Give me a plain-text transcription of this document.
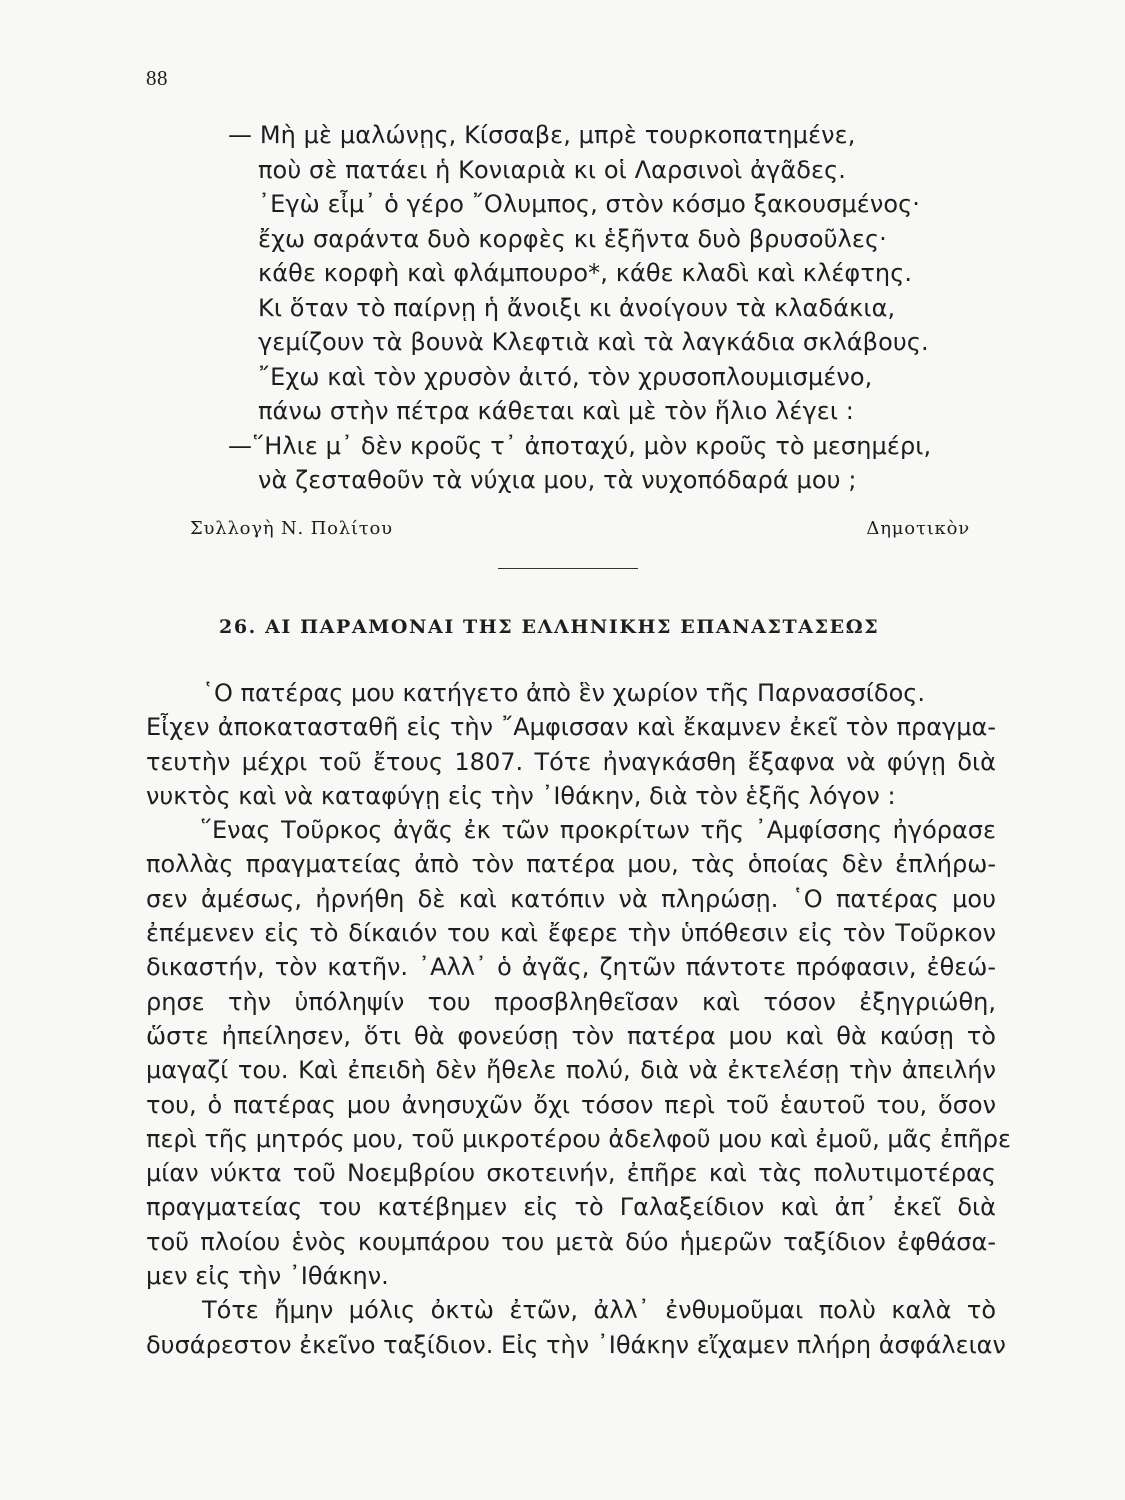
88
— Μὴ μὲ μαλώνῃς, Κίσσαβε, μπρὲ τουρκοπατημένε,
ποὺ σὲ πατάει ἡ Κονιαριὰ κι οἱ Λαρσινοὶ ἀγᾶδες.
᾿Εγὼ εἶμ᾿ ὁ γέρο ῎Ολυμπος, στὸν κόσμο ξακουσμένος·
ἔχω σαράντα δυὸ κορφὲς κι ἑξῆντα δυὸ βρυσοῦλες·
κάθε κορφὴ καὶ φλάμπουρο*, κάθε κλαδὶ καὶ κλέφτης.
Κι ὅταν τὸ παίρνῃ ἡ ἄνοιξι κι ἀνοίγουν τὰ κλαδάκια,
γεμίζουν τὰ βουνὰ Κλεφτιὰ καὶ τὰ λαγκάδια σκλάβους.
῎Εχω καὶ τὸν χρυσὸν ἀιτό, τὸν χρυσοπλουμισμένο,
πάνω στὴν πέτρα κάθεται καὶ μὲ τὸν ἥλιο λέγει :
—῞Ηλιε μ᾿ δὲν κροῦς τ᾿ ἀποταχύ, μὸν κροῦς τὸ μεσημέρι,
νὰ ζεσταθοῦν τὰ νύχια μου, τὰ νυχοπόδαρά μου ;
Συλλογὴ Ν. Πολίτου	Δημοτικὸν
26. ΑΙ ΠΑΡΑΜΟΝΑΙ ΤΗΣ ΕΛΛΗΝΙΚΗΣ ΕΠΑΝΑΣΤΑΣΕΩΣ
῾Ο πατέρας μου κατήγετο ἀπὸ ἓν χωρίον τῆς Παρνασσίδος.
Εἶχεν ἀποκατασταθῆ εἰς τὴν ῎Αμφισσαν καὶ ἔκαμνεν ἐκεῖ τὸν πραγμα-
τευτὴν μέχρι τοῦ ἔτους 1807. Τότε ἠναγκάσθη ἔξαφνα νὰ φύγῃ διὰ
νυκτὸς καὶ νὰ καταφύγῃ εἰς τὴν ᾿Ιθάκην, διὰ τὸν ἑξῆς λόγον :
῞Ενας Τοῦρκος ἀγᾶς ἐκ τῶν προκρίτων τῆς ᾿Αμφίσσης ἠγόρασε
πολλὰς πραγματείας ἀπὸ τὸν πατέρα μου, τὰς ὁποίας δὲν ἐπλήρω-
σεν ἀμέσως, ἠρνήθη δὲ καὶ κατόπιν νὰ πληρώσῃ. ῾Ο πατέρας μου
ἐπέμενεν εἰς τὸ δίκαιόν του καὶ ἔφερε τὴν ὑπόθεσιν εἰς τὸν Τοῦρκον
δικαστήν, τὸν κατῆν. ᾿Αλλ᾿ ὁ ἀγᾶς, ζητῶν πάντοτε πρόφασιν, ἐθεώ-
ρησε τὴν ὑπόληψίν του προσβληθεῖσαν καὶ τόσον ἐξηγριώθη,
ὥστε ἠπείλησεν, ὅτι θὰ φονεύσῃ τὸν πατέρα μου καὶ θὰ καύσῃ τὸ
μαγαζί του. Καὶ ἐπειδὴ δὲν ἤθελε πολύ, διὰ νὰ ἐκτελέσῃ τὴν ἀπειλήν
του, ὁ πατέρας μου ἀνησυχῶν ὄχι τόσον περὶ τοῦ ἑαυτοῦ του, ὅσον
περὶ τῆς μητρός μου, τοῦ μικροτέρου ἀδελφοῦ μου καὶ ἐμοῦ, μᾶς ἐπῆρε
μίαν νύκτα τοῦ Νοεμβρίου σκοτεινήν, ἐπῆρε καὶ τὰς πολυτιμοτέρας
πραγματείας του κατέβημεν εἰς τὸ Γαλαξείδιον καὶ ἀπ᾿ ἐκεῖ διὰ
τοῦ πλοίου ἑνὸς κουμπάρου του μετὰ δύο ἡμερῶν ταξίδιον ἐφθάσα-
μεν εἰς τὴν ᾿Ιθάκην.
Τότε ἤμην μόλις ὀκτὼ ἐτῶν, ἀλλ᾿ ἐνθυμοῦμαι πολὺ καλὰ τὸ
δυσάρεστον ἐκεῖνο ταξίδιον. Εἰς τὴν ᾿Ιθάκην εἴχαμεν πλήρη ἀσφάλειαν
